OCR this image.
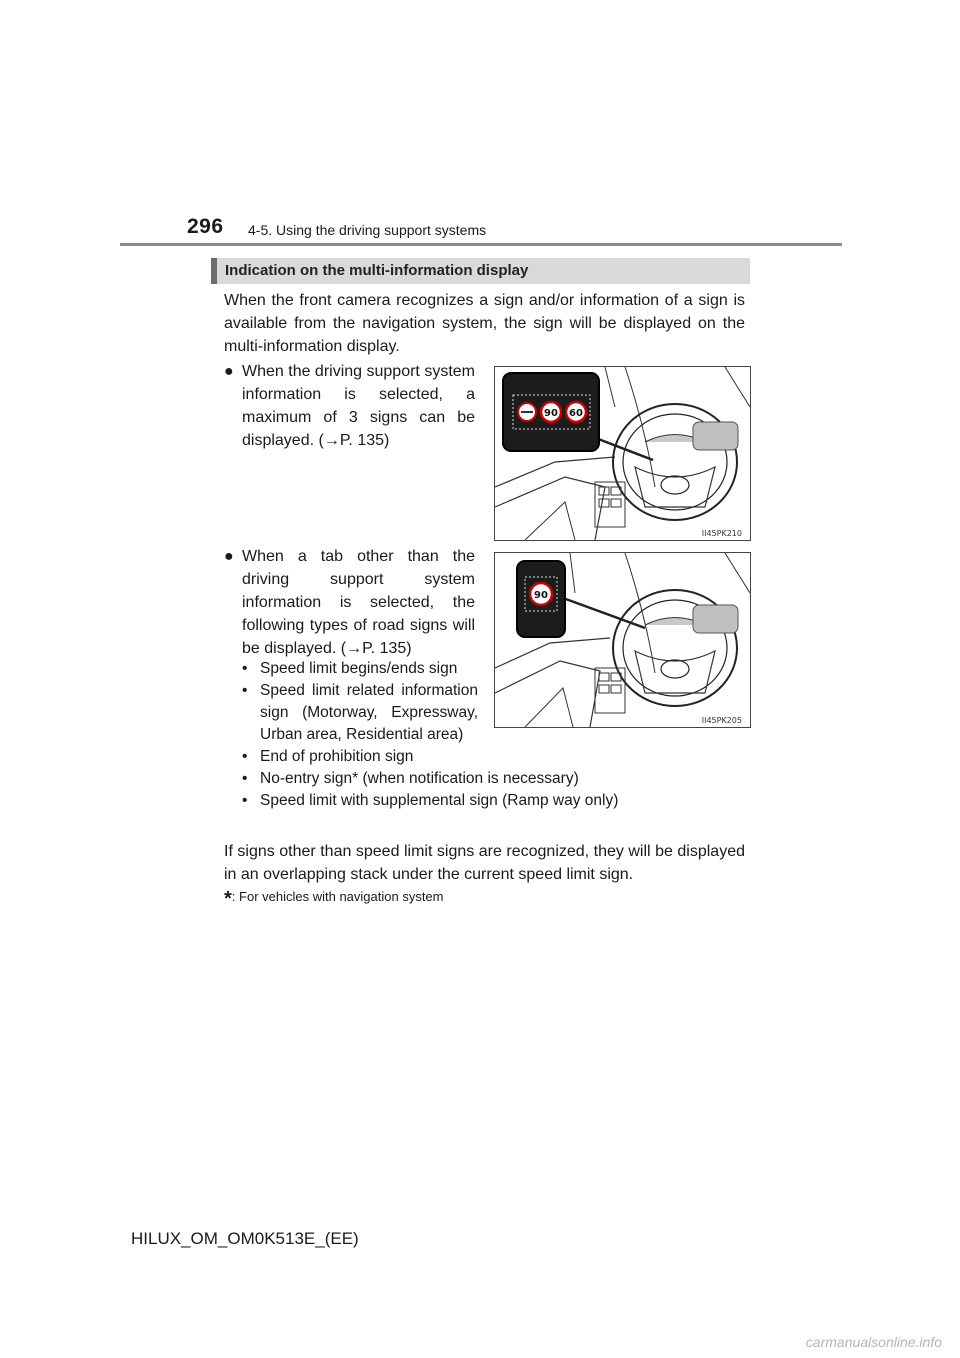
296 4-5. Using the driving support systems
Indication on the multi-information display
When the front camera recognizes a sign and/or information of a sign is available from the navigation system, the sign will be displayed on the multi-information display.
● When the driving support system information is selected, a maximum of 3 signs can be displayed. (→P. 135)
● When a tab other than the driving support system information is selected, the following types of road signs will be displayed. (→P. 135)
• Speed limit begins/ends sign
• Speed limit related information sign (Motorway, Expressway, Urban area, Residential area)
• End of prohibition sign
• No-entry sign* (when notification is necessary)
• Speed limit with supplemental sign (Ramp way only)
If signs other than speed limit signs are recognized, they will be displayed in an overlapping stack under the current speed limit sign.
*: For vehicles with navigation system
90 60
II45PK210
90
II45PK205
HILUX_OM_OM0K513E_(EE)
carmanualsonline.info
